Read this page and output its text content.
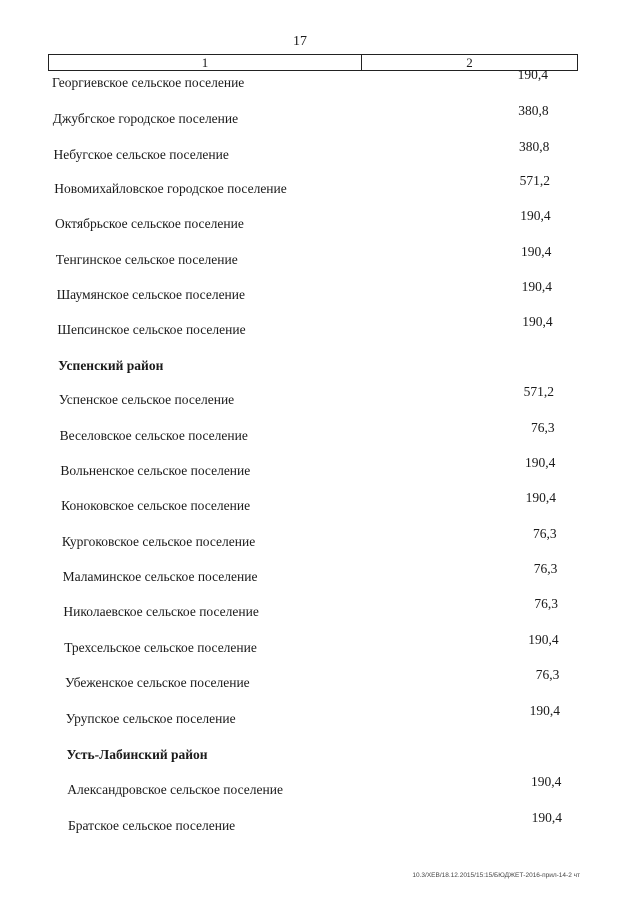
17
1	2
Георгиевское сельское поселение
190,4
Джубгское городское поселение
380,8
Небугское сельское поселение
380,8
Новомихайловское городское поселение
571,2
Октябрьское сельское поселение
190,4
Тенгинское сельское поселение
190,4
Шаумянское сельское поселение
190,4
Шепсинское сельское поселение
190,4
Успенский район
Успенское сельское поселение
571,2
Веселовское сельское поселение
76,3
Вольненское сельское поселение
190,4
Коноковское сельское поселение
190,4
Кургоковское сельское поселение
76,3
Маламинское сельское поселение
76,3
Николаевское сельское поселение
76,3
Трехсельское сельское поселение
190,4
Убеженское сельское поселение
76,3
Урупское сельское поселение
190,4
Усть-Лабинский район
Александровское сельское поселение
190,4
Братское сельское поселение
190,4
10.3/ХЕВ/18.12.2015/15:15/БЮДЖЕТ-2016-прил-14-2 чт
